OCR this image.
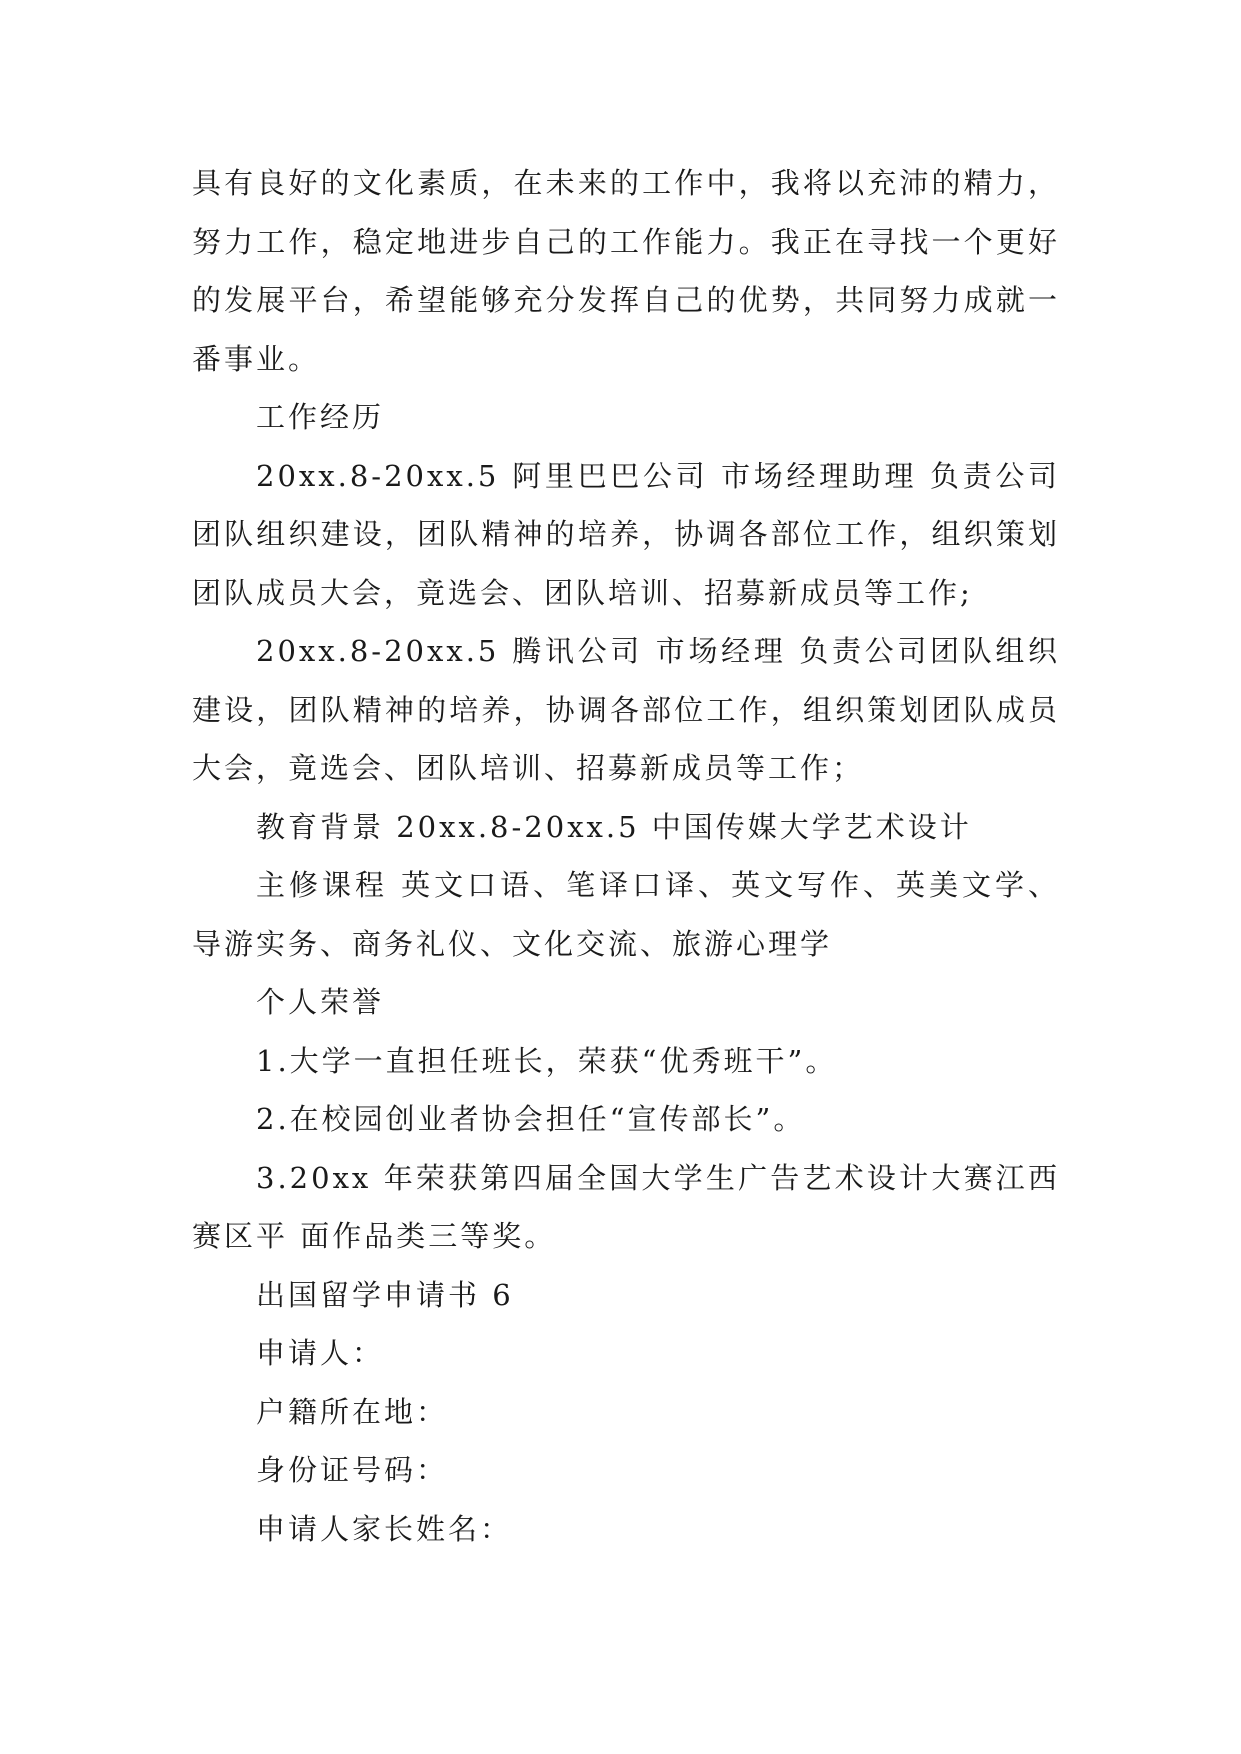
具有良好的文化素质，在未来的工作中，我将以充沛的精力，努力工作，稳定地进步自己的工作能力。我正在寻找一个更好的发展平台，希望能够充分发挥自己的优势，共同努力成就一番事业。

工作经历

20xx.8-20xx.5 阿里巴巴公司 市场经理助理 负责公司团队组织建设，团队精神的培养，协调各部位工作，组织策划团队成员大会，竟选会、团队培训、招募新成员等工作;

20xx.8-20xx.5 腾讯公司 市场经理 负责公司团队组织建设，团队精神的培养，协调各部位工作，组织策划团队成员大会，竟选会、团队培训、招募新成员等工作；

教育背景 20xx.8-20xx.5 中国传媒大学艺术设计

主修课程 英文口语、笔译口译、英文写作、英美文学、导游实务、商务礼仪、文化交流、旅游心理学

个人荣誉

1.大学一直担任班长，荣获“优秀班干”。

2.在校园创业者协会担任“宣传部长”。

3.20xx 年荣获第四届全国大学生广告艺术设计大赛江西赛区平 面作品类三等奖。

出国留学申请书 6

申请人：

户籍所在地：

身份证号码：

申请人家长姓名：
